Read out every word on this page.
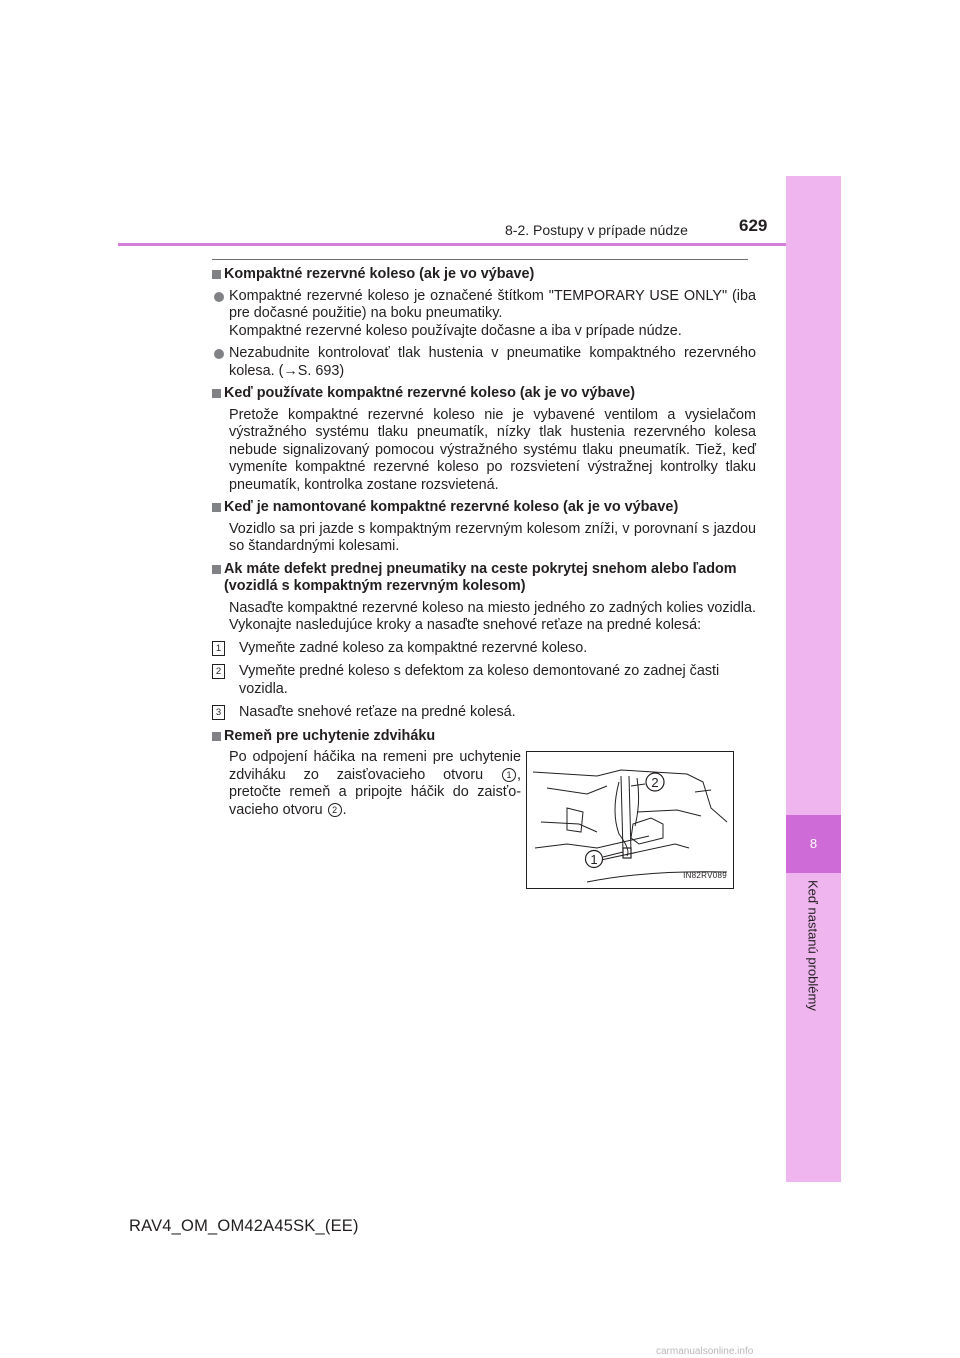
8
Keď nastanú problémy
8-2. Postupy v prípade núdze	629
Kompaktné rezervné koleso (ak je vo výbave)
Kompaktné rezervné koleso je označené štítkom "TEMPORARY USE ONLY" (iba pre dočasné použitie) na boku pneumatiky.
Kompaktné rezervné koleso používajte dočasne a iba v prípade núdze.
Nezabudnite kontrolovať tlak hustenia v pneumatike kompaktného rezervného kolesa. (→S. 693)
Keď používate kompaktné rezervné koleso (ak je vo výbave)
Pretože kompaktné rezervné koleso nie je vybavené ventilom a vysielačom výstražného systému tlaku pneumatík, nízky tlak hustenia rezervného kolesa nebude signalizovaný pomocou výstražného systému tlaku pneumatík. Tiež, keď vymeníte kompaktné rezervné koleso po rozsvietení výstražnej kontrolky tlaku pneumatík, kontrolka zostane rozsvietená.
Keď je namontované kompaktné rezervné koleso (ak je vo výbave)
Vozidlo sa pri jazde s kompaktným rezervným kolesom zníži, v porovnaní s jazdou so štandardnými kolesami.
Ak máte defekt prednej pneumatiky na ceste pokrytej snehom alebo ľadom (vozidlá s kompaktným rezervným kolesom)
Nasaďte kompaktné rezervné koleso na miesto jedného zo zadných kolies vozidla. Vykonajte nasledujúce kroky a nasaďte snehové reťaze na predné kolesá:
1 Vymeňte zadné koleso za kompaktné rezervné koleso.
2 Vymeňte predné koleso s defektom za koleso demontované zo zadnej časti vozidla.
3 Nasaďte snehové reťaze na predné kolesá.
Remeň pre uchytenie zdviháku
Po odpojení háčika na remeni pre uchytenie zdviháku zo zaisťovacieho otvoru	1 , pretočte remeň a pripojte háčik do zaisťovacieho otvoru 2 .
1
2
IN82RV089
RAV4_OM_OM42A45SK_(EE)
carmanualsonline.info
